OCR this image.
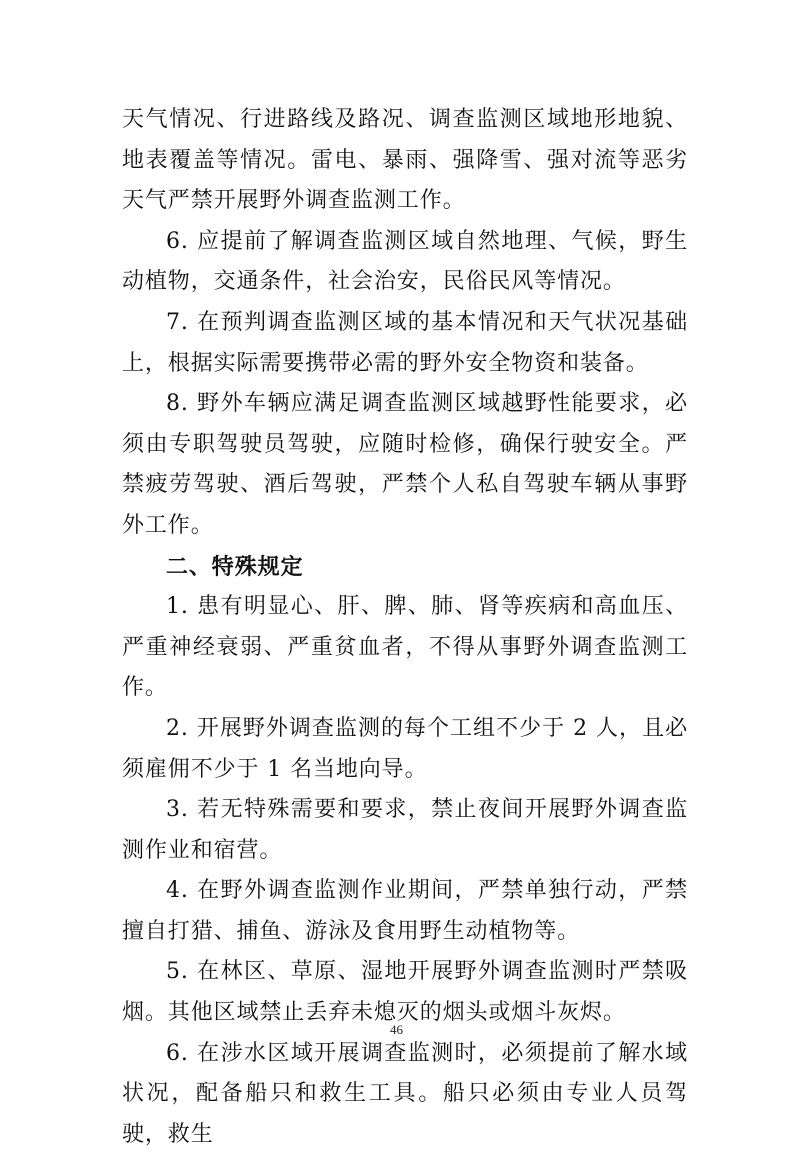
天气情况、行进路线及路况、调查监测区域地形地貌、地表覆盖等情况。雷电、暴雨、强降雪、强对流等恶劣天气严禁开展野外调查监测工作。

6. 应提前了解调查监测区域自然地理、气候，野生动植物，交通条件，社会治安，民俗民风等情况。

7. 在预判调查监测区域的基本情况和天气状况基础上，根据实际需要携带必需的野外安全物资和装备。

8. 野外车辆应满足调查监测区域越野性能要求，必须由专职驾驶员驾驶，应随时检修，确保行驶安全。严禁疲劳驾驶、酒后驾驶，严禁个人私自驾驶车辆从事野外工作。

二、特殊规定

1. 患有明显心、肝、脾、肺、肾等疾病和高血压、严重神经衰弱、严重贫血者，不得从事野外调查监测工作。

2. 开展野外调查监测的每个工组不少于 2 人，且必须雇佣不少于 1 名当地向导。

3. 若无特殊需要和要求，禁止夜间开展野外调查监测作业和宿营。

4. 在野外调查监测作业期间，严禁单独行动，严禁擅自打猎、捕鱼、游泳及食用野生动植物等。

5. 在林区、草原、湿地开展野外调查监测时严禁吸烟。其他区域禁止丢弃未熄灭的烟头或烟斗灰烬。

6. 在涉水区域开展调查监测时，必须提前了解水域状况，配备船只和救生工具。船只必须由专业人员驾驶，救生

46
